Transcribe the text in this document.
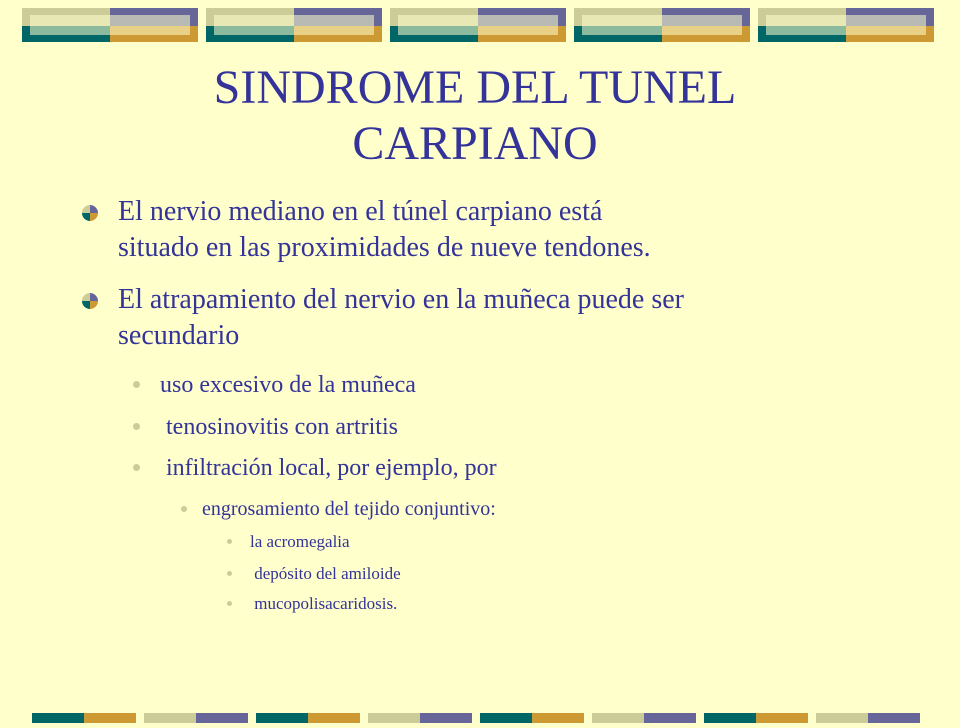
SINDROME DEL TUNEL
CARPIANO
El nervio mediano en el túnel carpiano está
situado en las proximidades de nueve tendones.
El atrapamiento del nervio en la muñeca puede ser
secundario
uso excesivo de la muñeca
tenosinovitis con artritis
infiltración local, por ejemplo, por
engrosamiento del tejido conjuntivo:
la acromegalia
depósito del amiloide
mucopolisacaridosis.
